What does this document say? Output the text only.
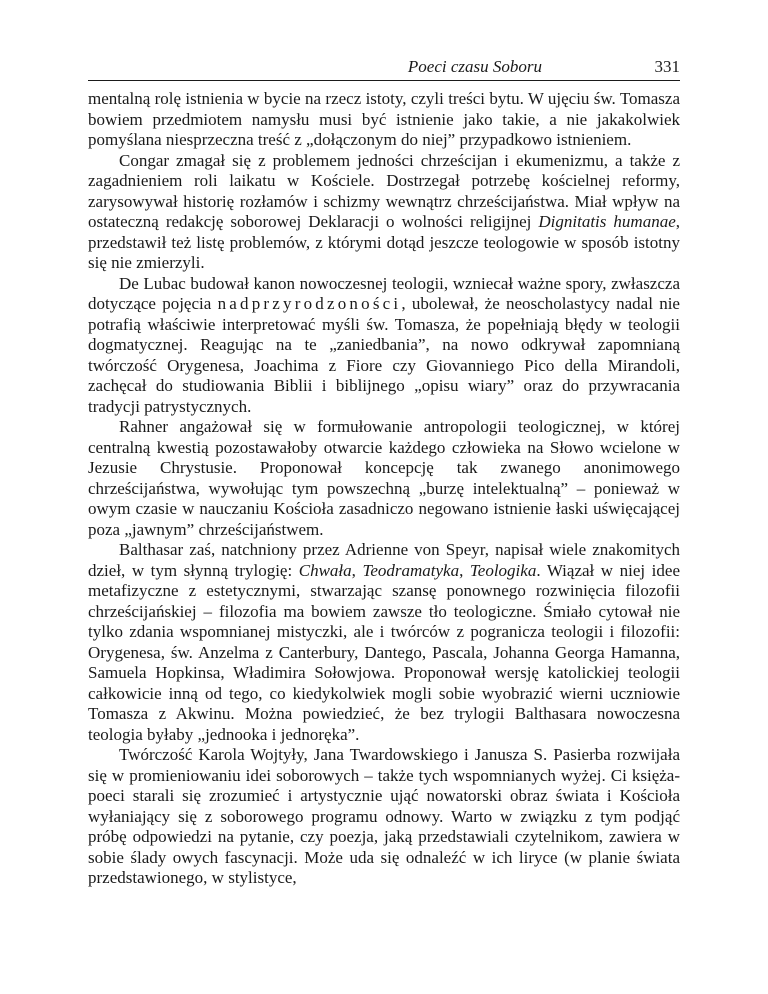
Poeci czasu Soboru	331

mentalną rolę istnienia w bycie na rzecz istoty, czyli treści bytu. W ujęciu św. Tomasza bowiem przedmiotem namysłu musi być istnienie jako takie, a nie jakakolwiek pomyślana niesprzeczna treść z „dołączonym do niej” przypadkowo istnieniem.

Congar zmagał się z problemem jedności chrześcijan i ekumenizmu, a także z zagadnieniem roli laikatu w Kościele. Dostrzegał potrzebę kościelnej reformy, zarysowywał historię rozłamów i schizmy wewnątrz chrześcijaństwa. Miał wpływ na ostateczną redakcję soborowej Deklaracji o wolności religijnej Dignitatis humanae, przedstawił też listę problemów, z którymi dotąd jeszcze teologowie w sposób istotny się nie zmierzyli.

De Lubac budował kanon nowoczesnej teologii, wzniecał ważne spory, zwłaszcza dotyczące pojęcia nadprzyrodzoności, ubolewał, że neoscholastycy nadal nie potrafią właściwie interpretować myśli św. Tomasza, że popełniają błędy w teologii dogmatycznej. Reagując na te „zaniedbania”, na nowo odkrywał zapomnianą twórczość Orygenesa, Joachima z Fiore czy Giovanniego Pico della Mirandoli, zachęcał do studiowania Biblii i biblijnego „opisu wiary” oraz do przywracania tradycji patrystycznych.

Rahner angażował się w formułowanie antropologii teologicznej, w której centralną kwestią pozostawałoby otwarcie każdego człowieka na Słowo wcielone w Jezusie Chrystusie. Proponował koncepcję tak zwanego anonimowego chrześcijaństwa, wywołując tym powszechną „burzę intelektualną” – ponieważ w owym czasie w nauczaniu Kościoła zasadniczo negowano istnienie łaski uświęcającej poza „jawnym” chrześcijaństwem.

Balthasar zaś, natchniony przez Adrienne von Speyr, napisał wiele znakomitych dzieł, w tym słynną trylogię: Chwała, Teodramatyka, Teologika. Wiązał w niej idee metafizyczne z estetycznymi, stwarzając szansę ponownego rozwinięcia filozofii chrześcijańskiej – filozofia ma bowiem zawsze tło teologiczne. Śmiało cytował nie tylko zdania wspomnianej mistyczki, ale i twórców z pogranicza teologii i filozofii: Orygenesa, św. Anzelma z Canterbury, Dantego, Pascala, Johanna Georga Hamanna, Samuela Hopkinsa, Władimira Sołowjowa. Proponował wersję katolickiej teologii całkowicie inną od tego, co kiedykolwiek mogli sobie wyobrazić wierni uczniowie Tomasza z Akwinu. Można powiedzieć, że bez trylogii Balthasara nowoczesna teologia byłaby „jednooka i jednoręka”.

Twórczość Karola Wojtyły, Jana Twardowskiego i Janusza S. Pasierba rozwijała się w promieniowaniu idei soborowych – także tych wspomnianych wyżej. Ci księża-poeci starali się zrozumieć i artystycznie ująć nowatorski obraz świata i Kościoła wyłaniający się z soborowego programu odnowy. Warto w związku z tym podjąć próbę odpowiedzi na pytanie, czy poezja, jaką przedstawiali czytelnikom, zawiera w sobie ślady owych fascynacji. Może uda się odnaleźć w ich liryce (w planie świata przedstawionego, w stylistyce,
